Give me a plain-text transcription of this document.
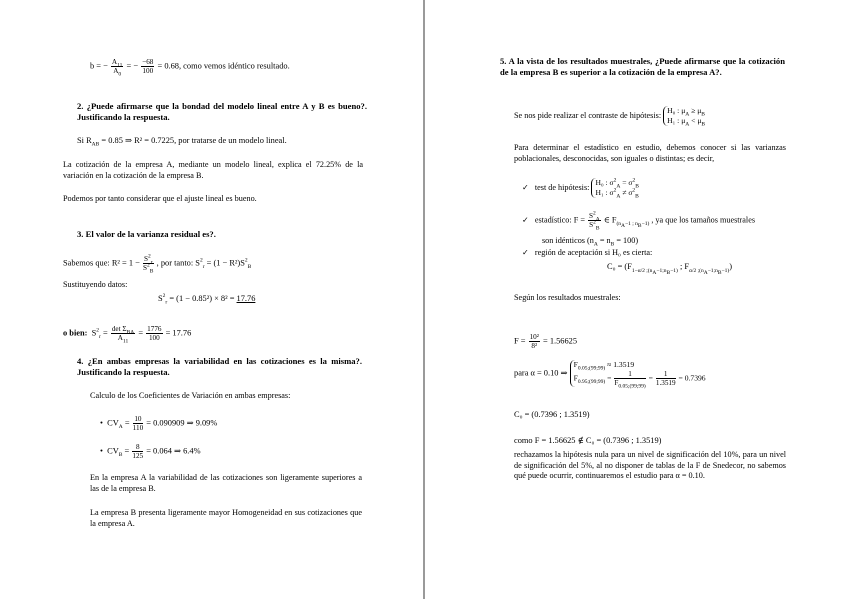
b = − $\frac{A_{11}}{A_0}$ = − $\frac{-68}{100} = 0.68$, como vemos idéntico resultado.
2. ¿Puede afirmarse que la bondad del modelo lineal entre A y B es bueno?. Justificando la respuesta.
Si $R_{AB} = 0.85$ ⇒ R² = 0.7225, por tratarse de un modelo lineal.
La cotización de la empresa A, mediante un modelo lineal, explica el 72.25% de la variación en la cotización de la empresa B.
Podemos por tanto considerar que el ajuste lineal es bueno.
3. El valor de la varianza residual es?.
Sabemos que: $R^2 = 1 - \frac{S^2_r}{S^2_B}$ , por tanto: $S^2_r = (1 - R^2)S^2_B$
Sustituyendo datos:
$S^2_r = (1 - 0.85^2) \times 8^2 = 17.76$
o bien: $S^2_r = \frac{\det \Sigma_{BA}}{A_{11}} = \frac{1776}{100} = 17.76$
4. ¿En ambas empresas la variabilidad en las cotizaciones es la misma?. Justificando la respuesta.
Calculo de los Coeficientes de Variación en ambas empresas:
•  $CV_A = \frac{10}{110} = 0.090909$ ⇒ 9.09%
•  $CV_B = \frac{8}{125} = 0.064$ ⇒ 6.4%
En la empresa A la variabilidad de las cotizaciones son ligeramente superiores a las de la empresa B.
La empresa B presenta ligeramente mayor Homogeneidad en sus cotizaciones que la empresa A.
5. A la vista de los resultados muestrales, ¿Puede afirmarse que la cotización de la empresa B es superior a la cotización de la empresa A?.
Se nos pide realizar el contraste de hipótesis: H₀ : $\mu_A \ge \mu_B$
H₁ : $\mu_A < \mu_B$
Para determinar el estadístico en estudio, debemos conocer si las varianzas poblacionales, desconocidas, son iguales o distintas; es decir,
✓ test de hipótesis: H₀ : $\sigma^2_A = \sigma^2_B$
H₁ : $\sigma^2_A \ne \sigma^2_B$
✓ estadístico: $F = \frac{S^2_A}{S^2_B}$ ∈ $F_{(n_A-1 ; n_B-1)}$ , ya que los tamaños muestrales
son idénticos $(n_A = n_B = 100)$
✓ región de aceptación si H₀ es cierta:
$C_0 = (F_{1-\alpha/2 ;(n_A-1;n_B-1)}$ ; $F_{\alpha/2 ;(n_A-1;n_B-1)}$)
Según los resultados muestrales:
$F = \frac{\text{10²}}{\text{8²}} = 1.56625$
para α = 0.10 ⇒ $F_{0.05;(99;99)} \approx 1.3519$
$F_{0.95;(99;99)} = \frac{1}{F_{0.05;(99;99)}} = \frac{1}{1.3519} = 0.7396$
C₀ = (0.7396 ; 1.3519)
como F = 1.56625 ∉ C₀ = (0.7396 ; 1.3519)
rechazamos la hipótesis nula para un nivel de significación del 10%, para un nivel de significación del 5%, al no disponer de tablas de la F de Snedecor, no sabemos qué puede ocurrir, continuaremos el estudio para α = 0.10.
